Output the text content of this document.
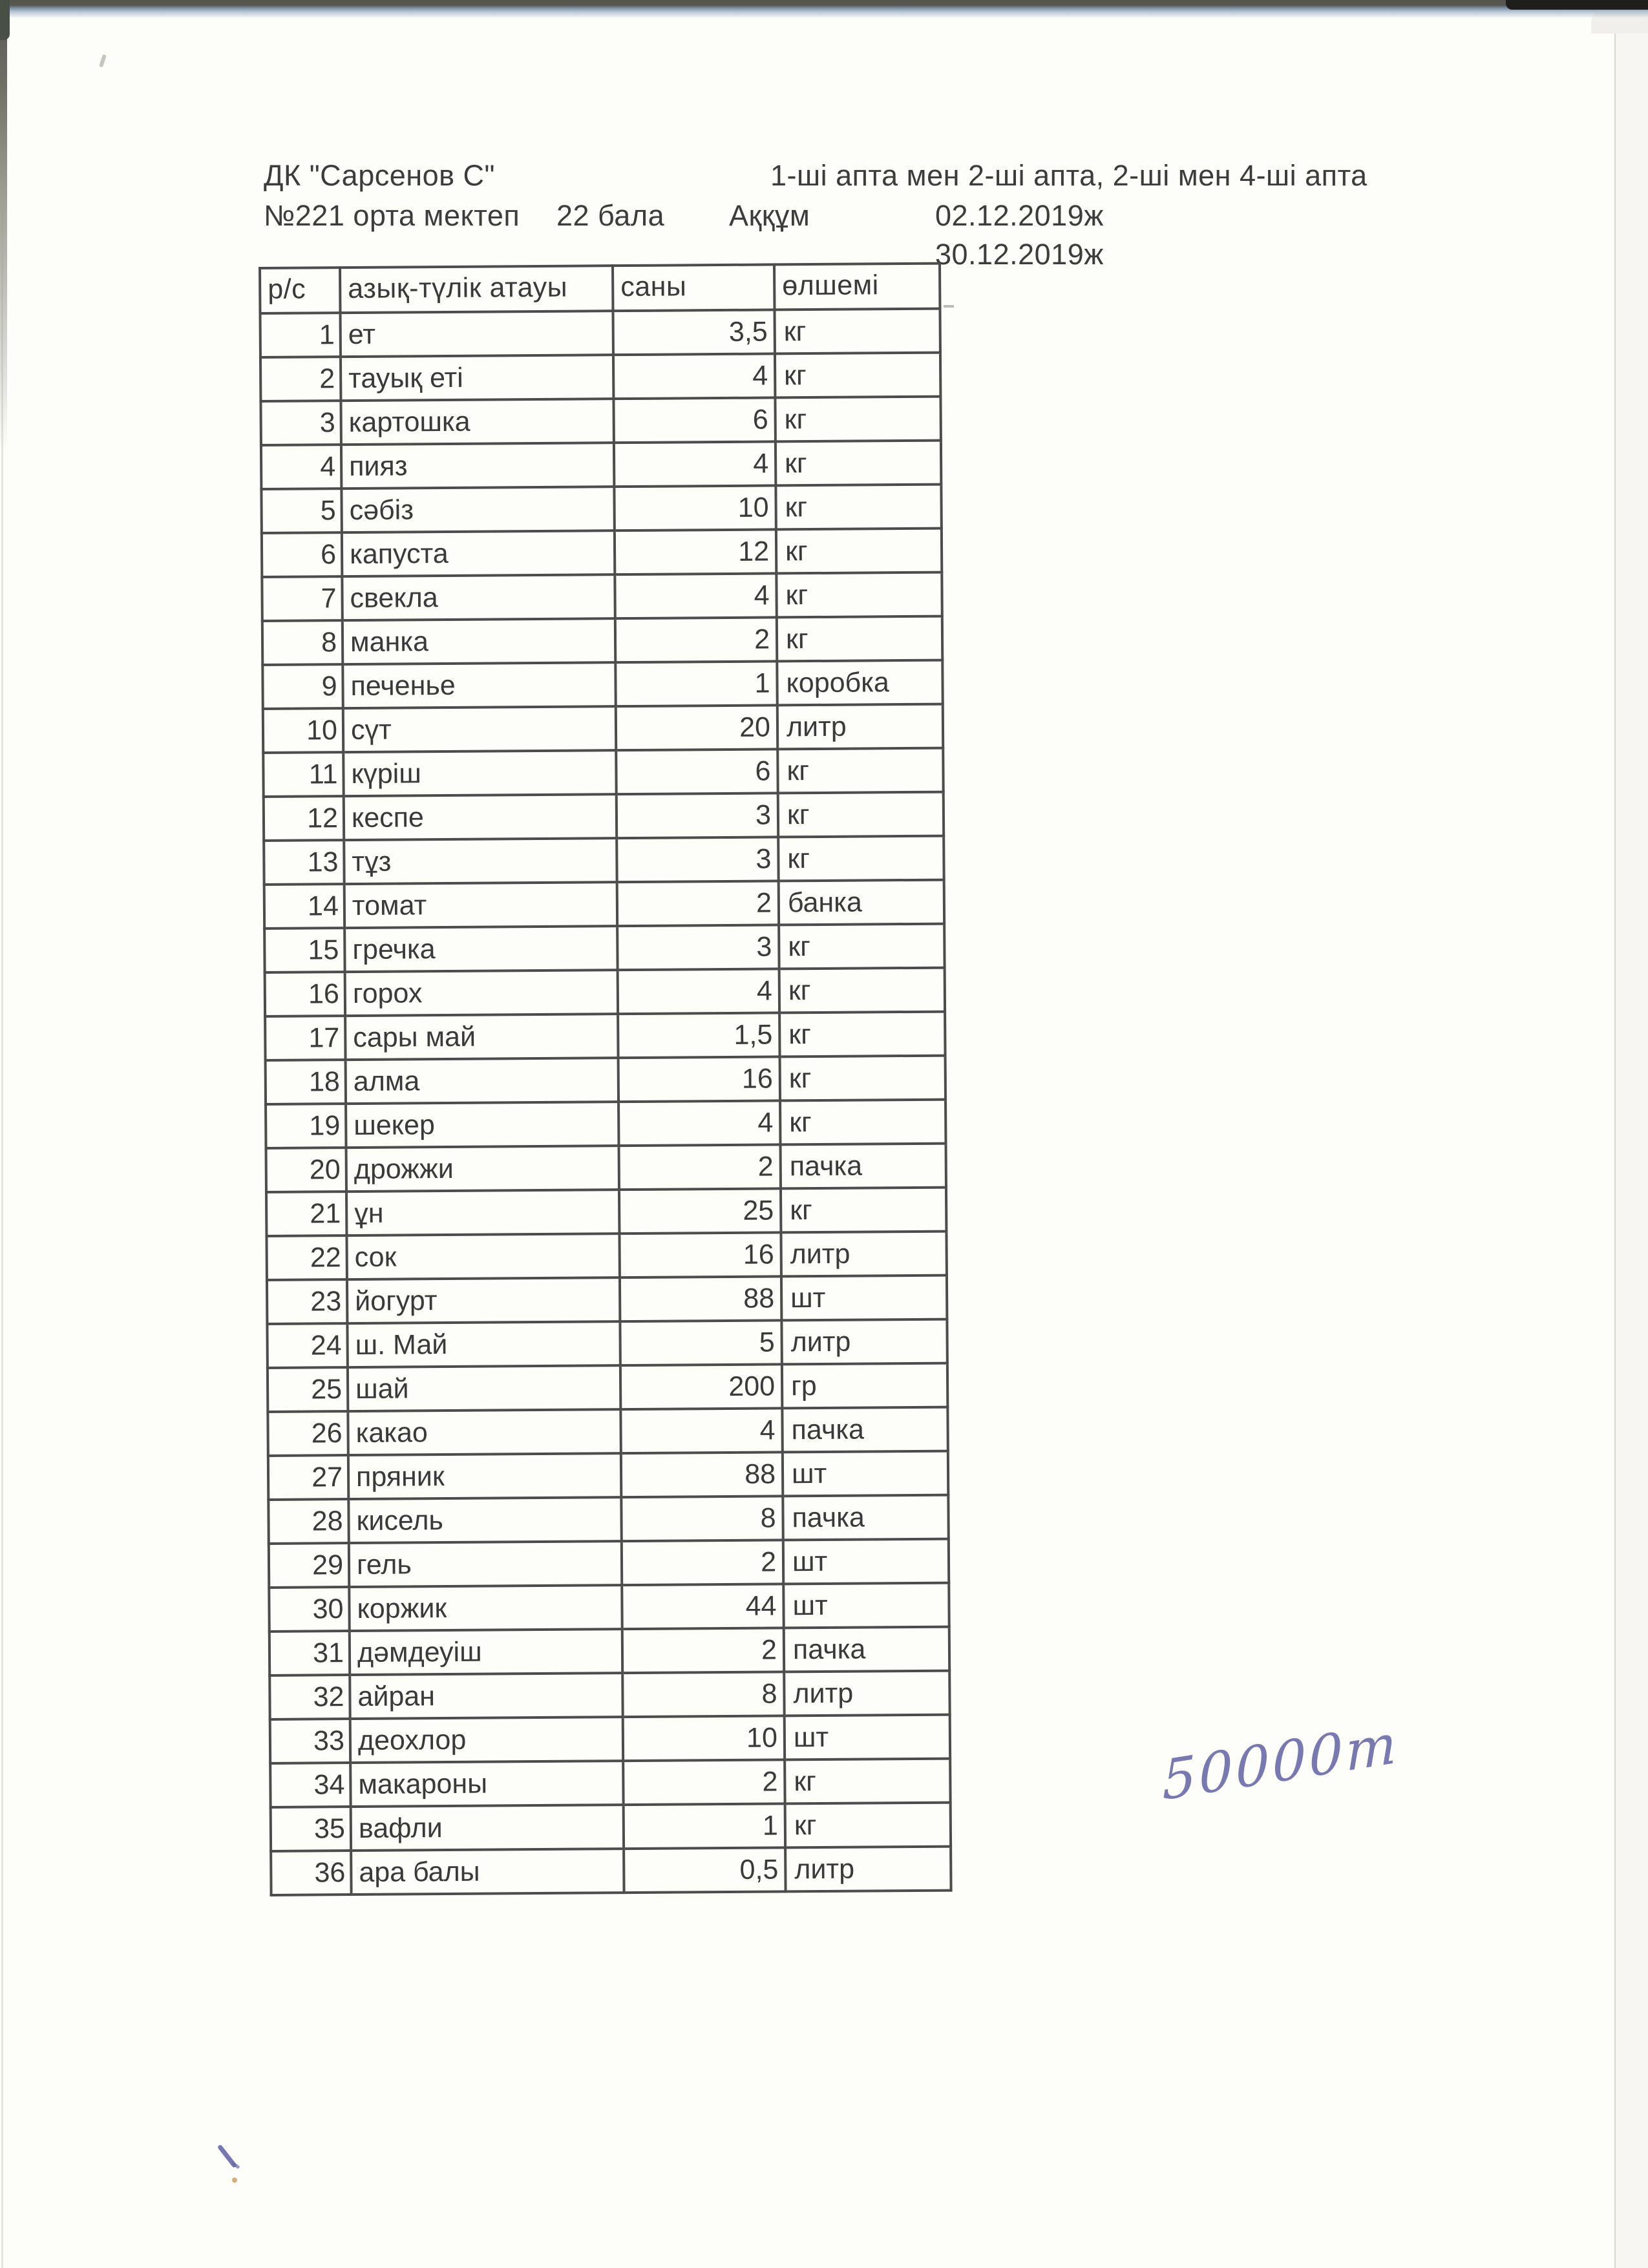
ДК "Сарсенов С"	1-ші апта мен 2-ші апта, 2-ші мен 4-ші апта
№221 орта мектеп 22 бала Аққұм	02.12.2019ж
30.12.2019ж
р/с	азық-түлік атауы	саны	өлшемі
1	ет	3,5	кг
2	тауық еті	4	кг
3	картошка	6	кг
4	пияз	4	кг
5	сәбіз	10	кг
6	капуста	12	кг
7	свекла	4	кг
8	манка	2	кг
9	печенье	1	коробка
10	сүт	20	литр
11	күріш	6	кг
12	кеспе	3	кг
13	тұз	3	кг
14	томат	2	банка
15	гречка	3	кг
16	горох	4	кг
17	сары май	1,5	кг
18	алма	16	кг
19	шекер	4	кг
20	дрожжи	2	пачка
21	ұн	25	кг
22	сок	16	литр
23	йогурт	88	шт
24	ш. Май	5	литр
25	шай	200	гр
26	какао	4	пачка
27	пряник	88	шт
28	кисель	8	пачка
29	гель	2	шт
30	коржик	44	шт
31	дәмдеуіш	2	пачка
32	айран	8	литр
33	деохлор	10	шт
34	макароны	2	кг
35	вафли	1	кг
36	ара балы	0,5	литр
50000т
